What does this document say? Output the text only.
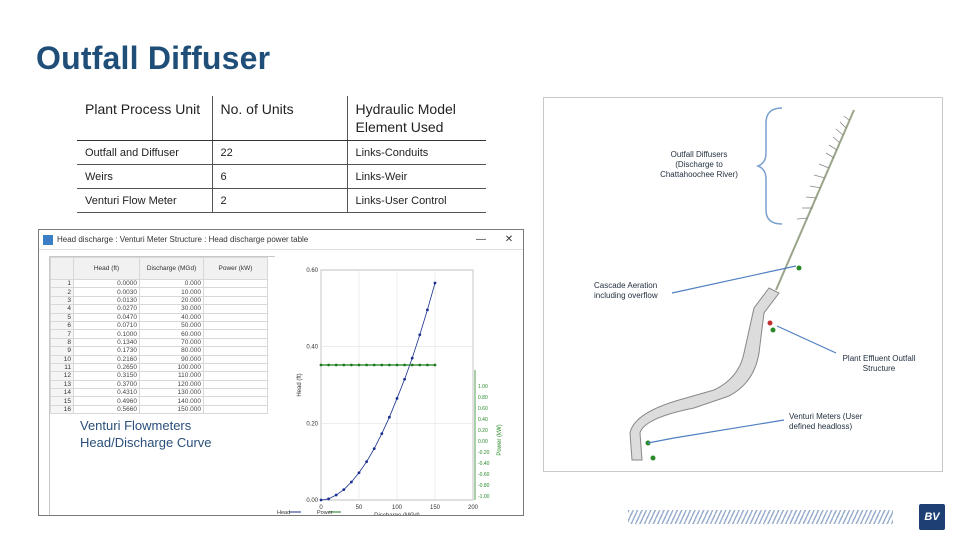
Outfall Diffuser
Plant Process Unit	No. of Units	Hydraulic Model Element Used
Outfall and Diffuser	22	Links-Conduits
Weirs	6	Links-Weir
Venturi Flow Meter	2	Links-User Control
Head discharge : Venturi Meter Structure : Head discharge power table	—	✕
	Head (ft)	Discharge (MGd)	Power (kW)
1	0.0000	0.000	
2	0.0030	10.000	
3	0.0130	20.000	
4	0.0270	30.000	
5	0.0470	40.000	
6	0.0710	50.000	
7	0.1000	60.000	
8	0.1340	70.000	
9	0.1730	80.000	
10	0.2160	90.000	
11	0.2650	100.000	
12	0.3150	110.000	
13	0.3700	120.000	
14	0.4310	130.000	
15	0.4960	140.000	
16	0.5660	150.000	
0	50	100	150	200
0.00
0.20
0.40
0.60
1.00
0.80
0.60
0.40
0.20
0.00
-0.20
-0.40
-0.60
-0.80
-1.00
Discharge (MGd)
Head (ft)
Power (kW)
Head	Power
Venturi Flowmeters Head/Discharge Curve
Outfall Diffusers (Discharge to Chattahoochee River)
Cascade Aeration including overflow
Plant Effluent Outfall Structure
Venturi Meters (User defined headloss)
BV
